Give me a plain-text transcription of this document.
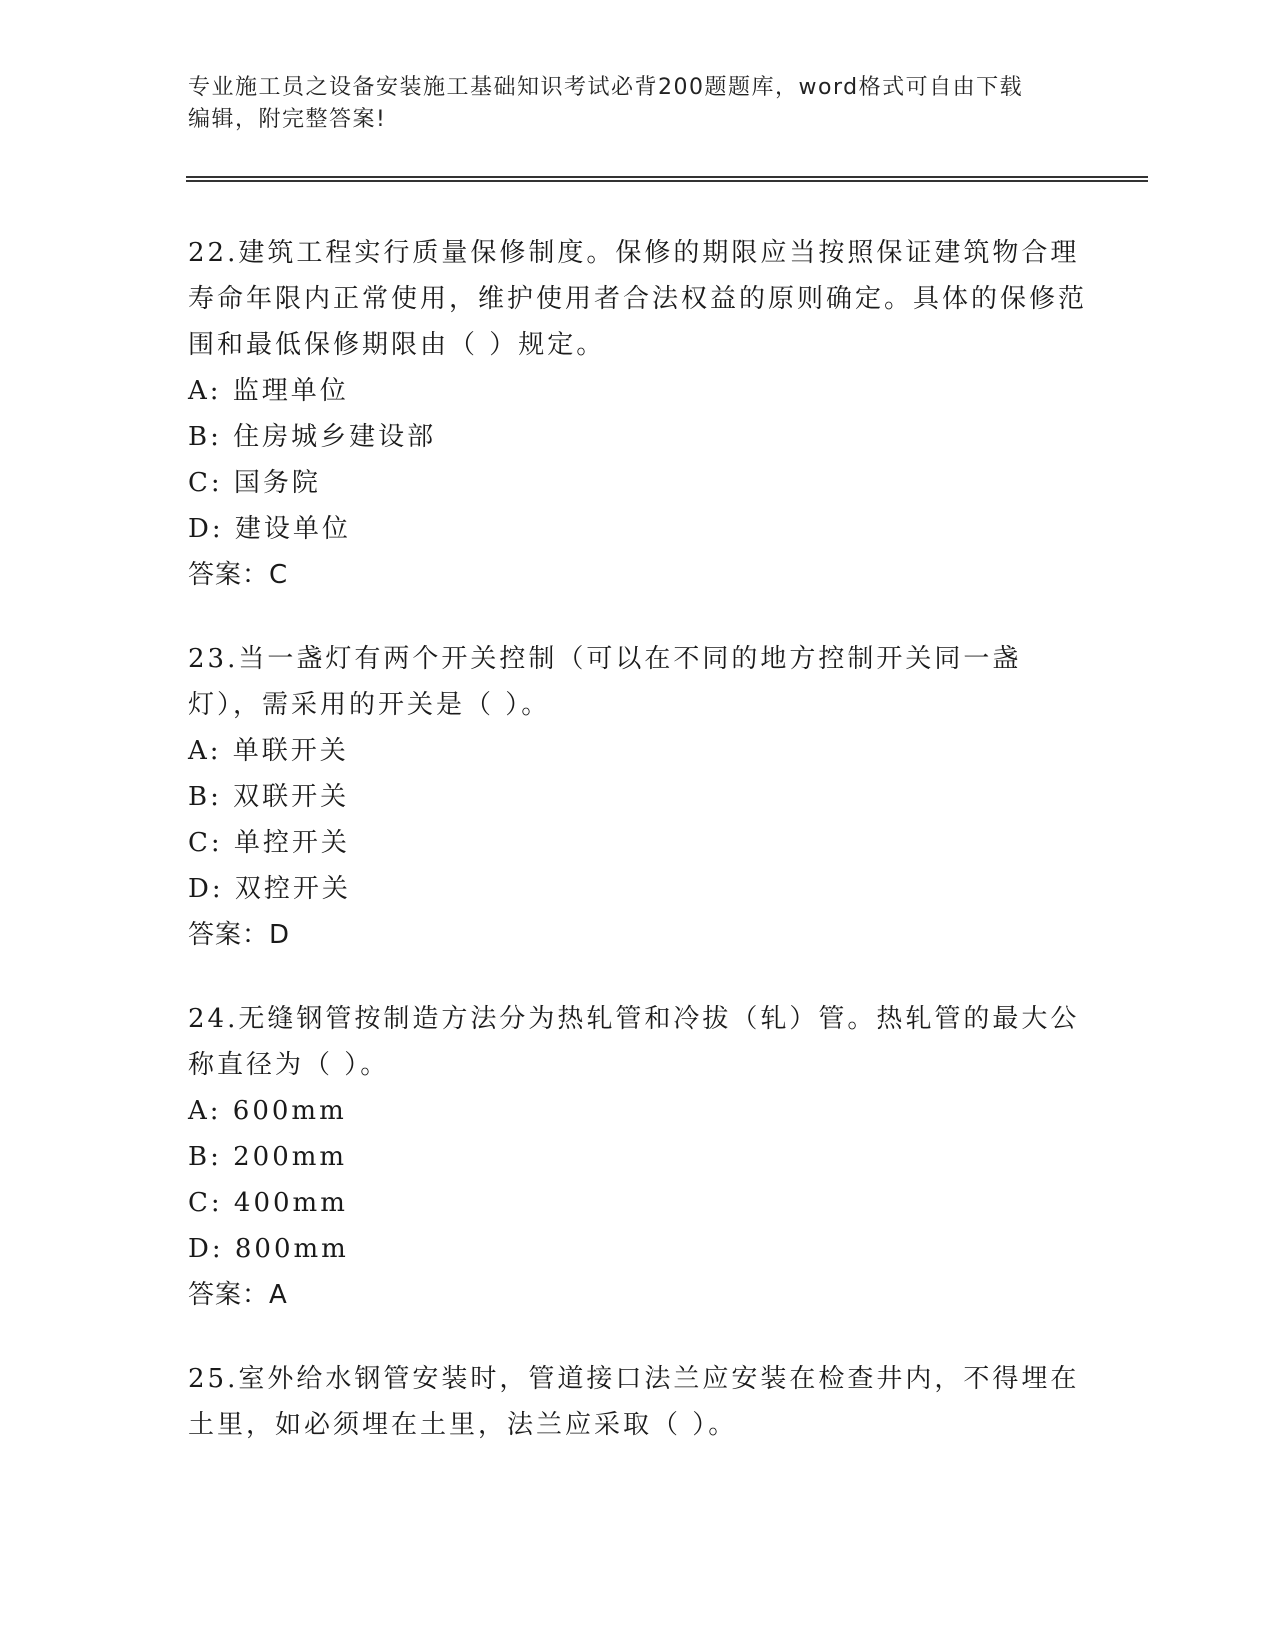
专业施工员之设备安装施工基础知识考试必背200题题库，word格式可自由下载
编辑，附完整答案!

22.建筑工程实行质量保修制度。保修的期限应当按照保证建筑物合理寿命年限内正常使用，维护使用者合法权益的原则确定。具体的保修范围和最低保修期限由（ ）规定。

A: 监理单位

B: 住房城乡建设部

C: 国务院

D: 建设单位

答案：C

23.当一盏灯有两个开关控制（可以在不同的地方控制开关同一盏灯），需采用的开关是（ ）。

A: 单联开关

B: 双联开关

C: 单控开关

D: 双控开关

答案：D

24.无缝钢管按制造方法分为热轧管和冷拔（轧）管。热轧管的最大公称直径为（ ）。

A: 600mm

B: 200mm

C: 400mm

D: 800mm

答案：A

25.室外给水钢管安装时，管道接口法兰应安装在检查井内，不得埋在土里，如必须埋在土里，法兰应采取（ ）。
